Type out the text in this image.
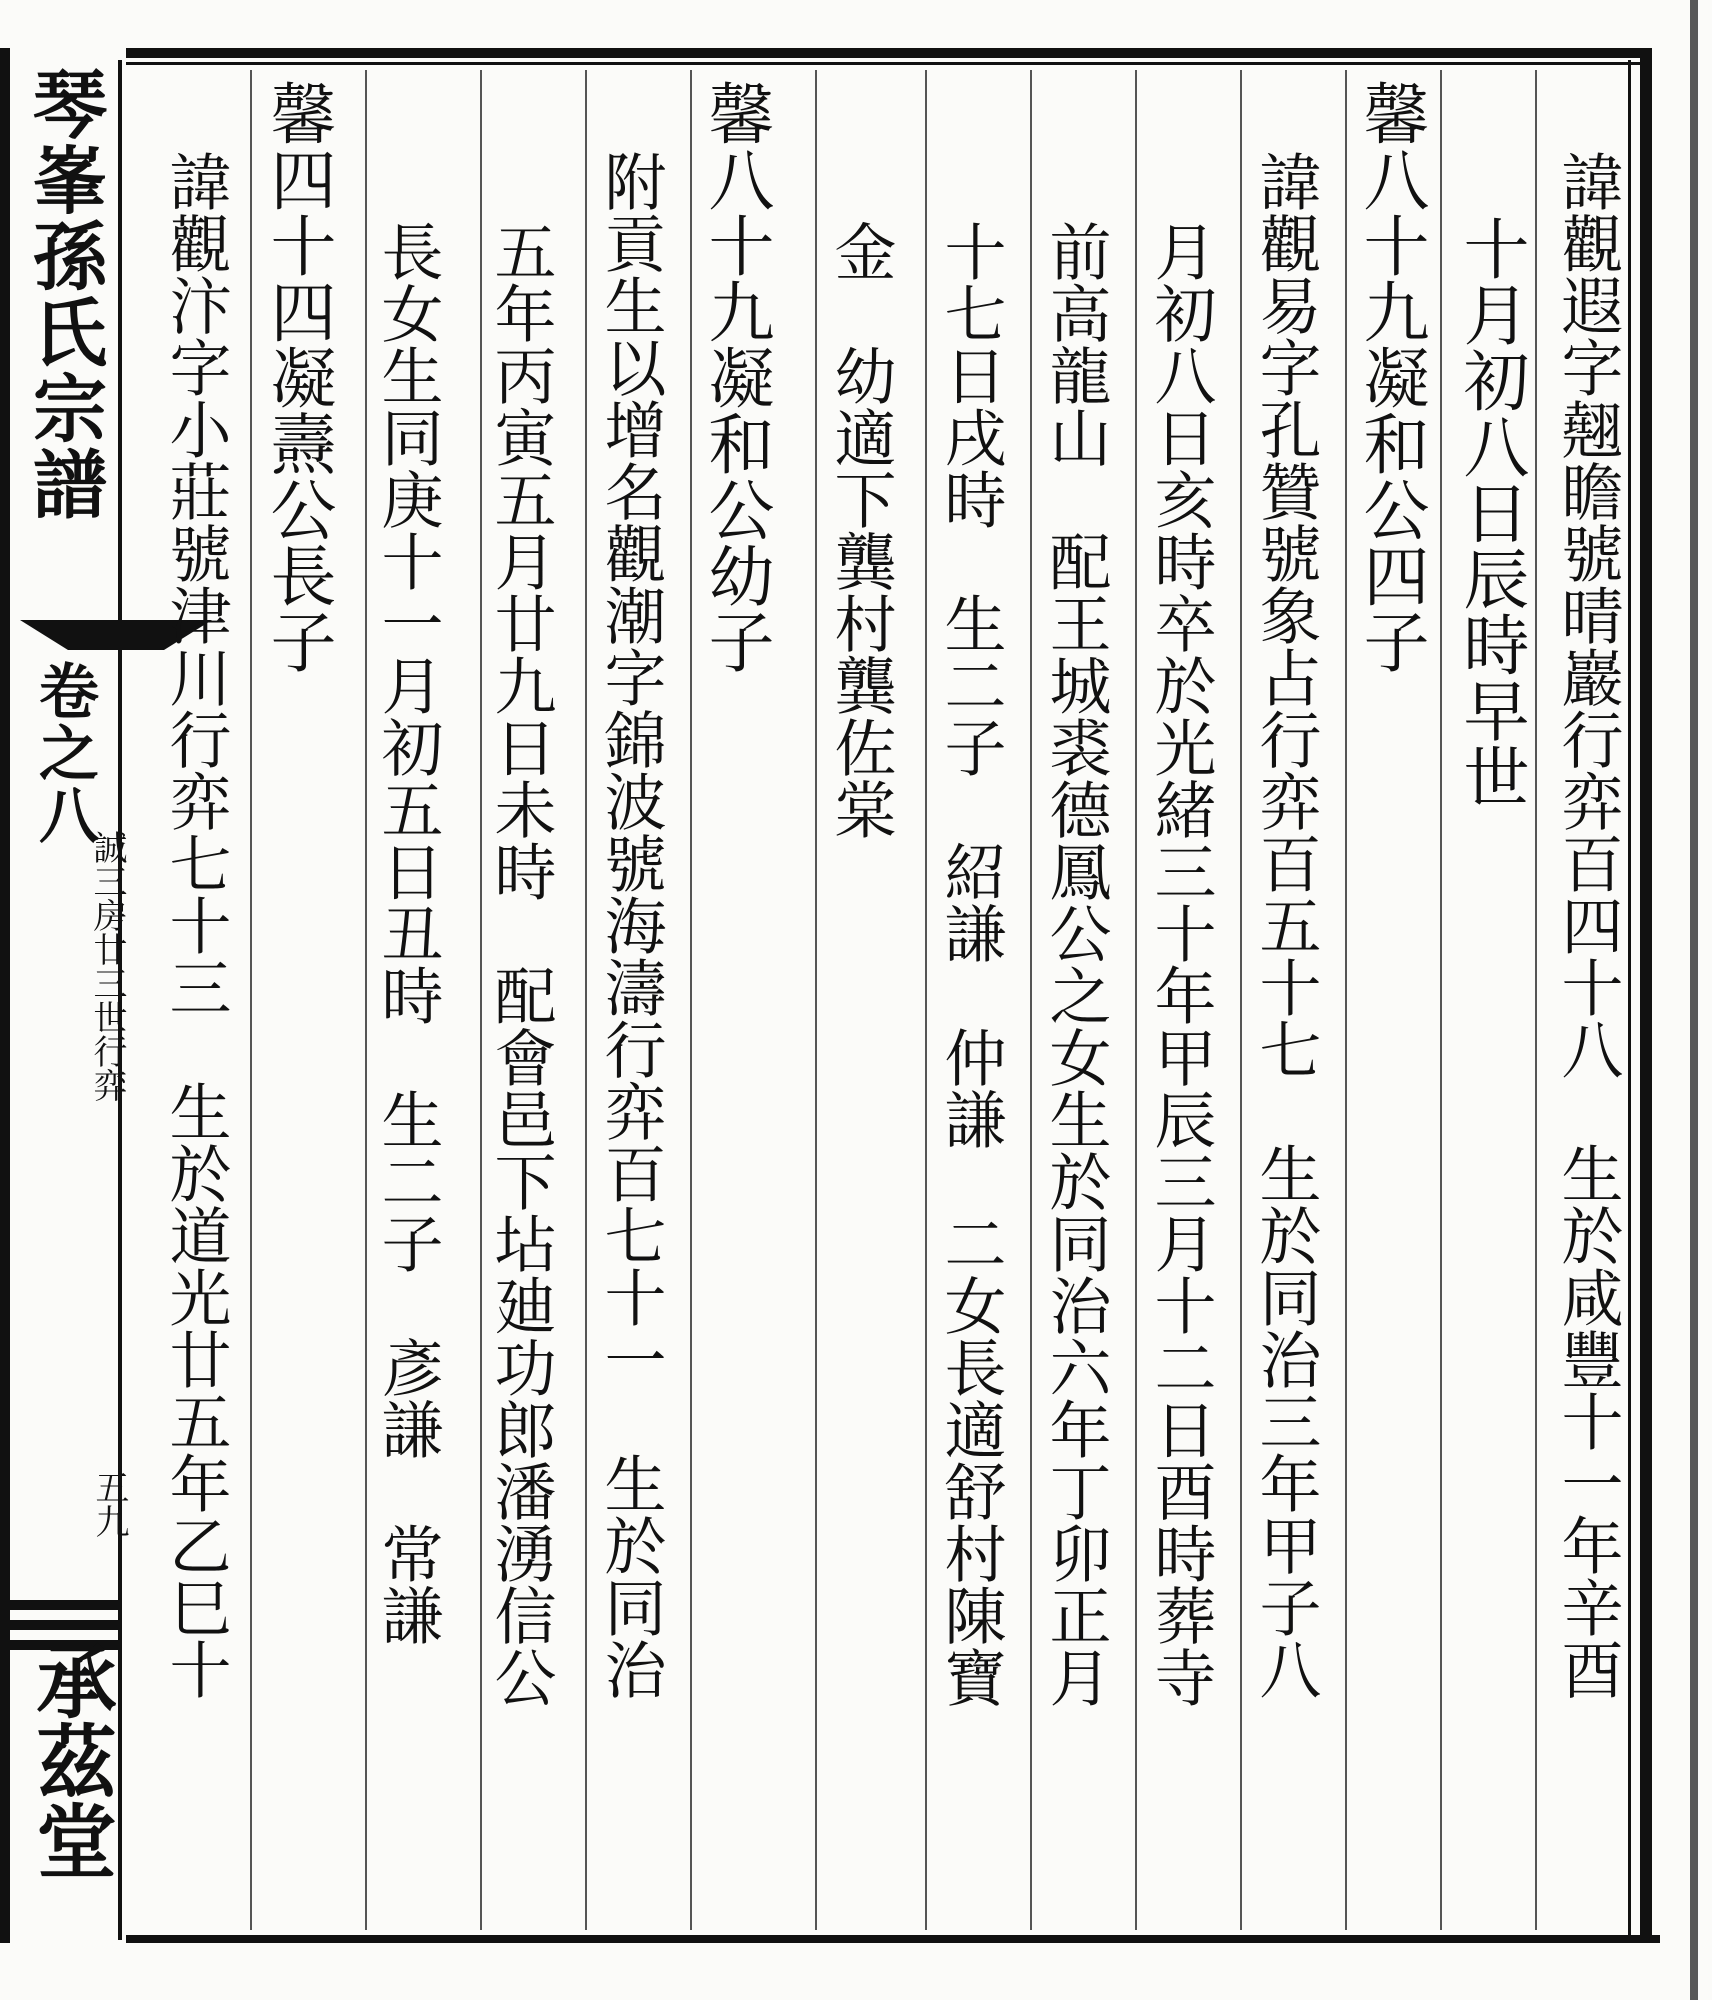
琴峯孫氏宗譜
卷之八
誠三房廿三世行弈
五九
承茲堂
諱觀遐字翹瞻號晴巖行弈百四十八　生於咸豐十一年辛酉
十月初八日辰時早世
馨八十九凝和公四子
諱觀易字孔贊號象占行弈百五十七　生於同治三年甲子八
月初八日亥時卒於光緒三十年甲辰三月十二日酉時葬寺
前高龍山　配王城裘德鳳公之女生於同治六年丁卯正月
十七日戌時　生二子　紹謙　仲謙　二女長適舒村陳寶
金　幼適下龔村龔佐棠
馨八十九凝和公幼子
附貢生以增名觀潮字錦波號海濤行弈百七十一　生於同治
五年丙寅五月廿九日未時　配會邑下坫廸功郎潘湧信公
長女生同庚十一月初五日丑時　生二子　彥謙　常謙
馨四十四凝燾公長子
諱觀汴字小莊號津川行弈七十三　生於道光廿五年乙巳十
